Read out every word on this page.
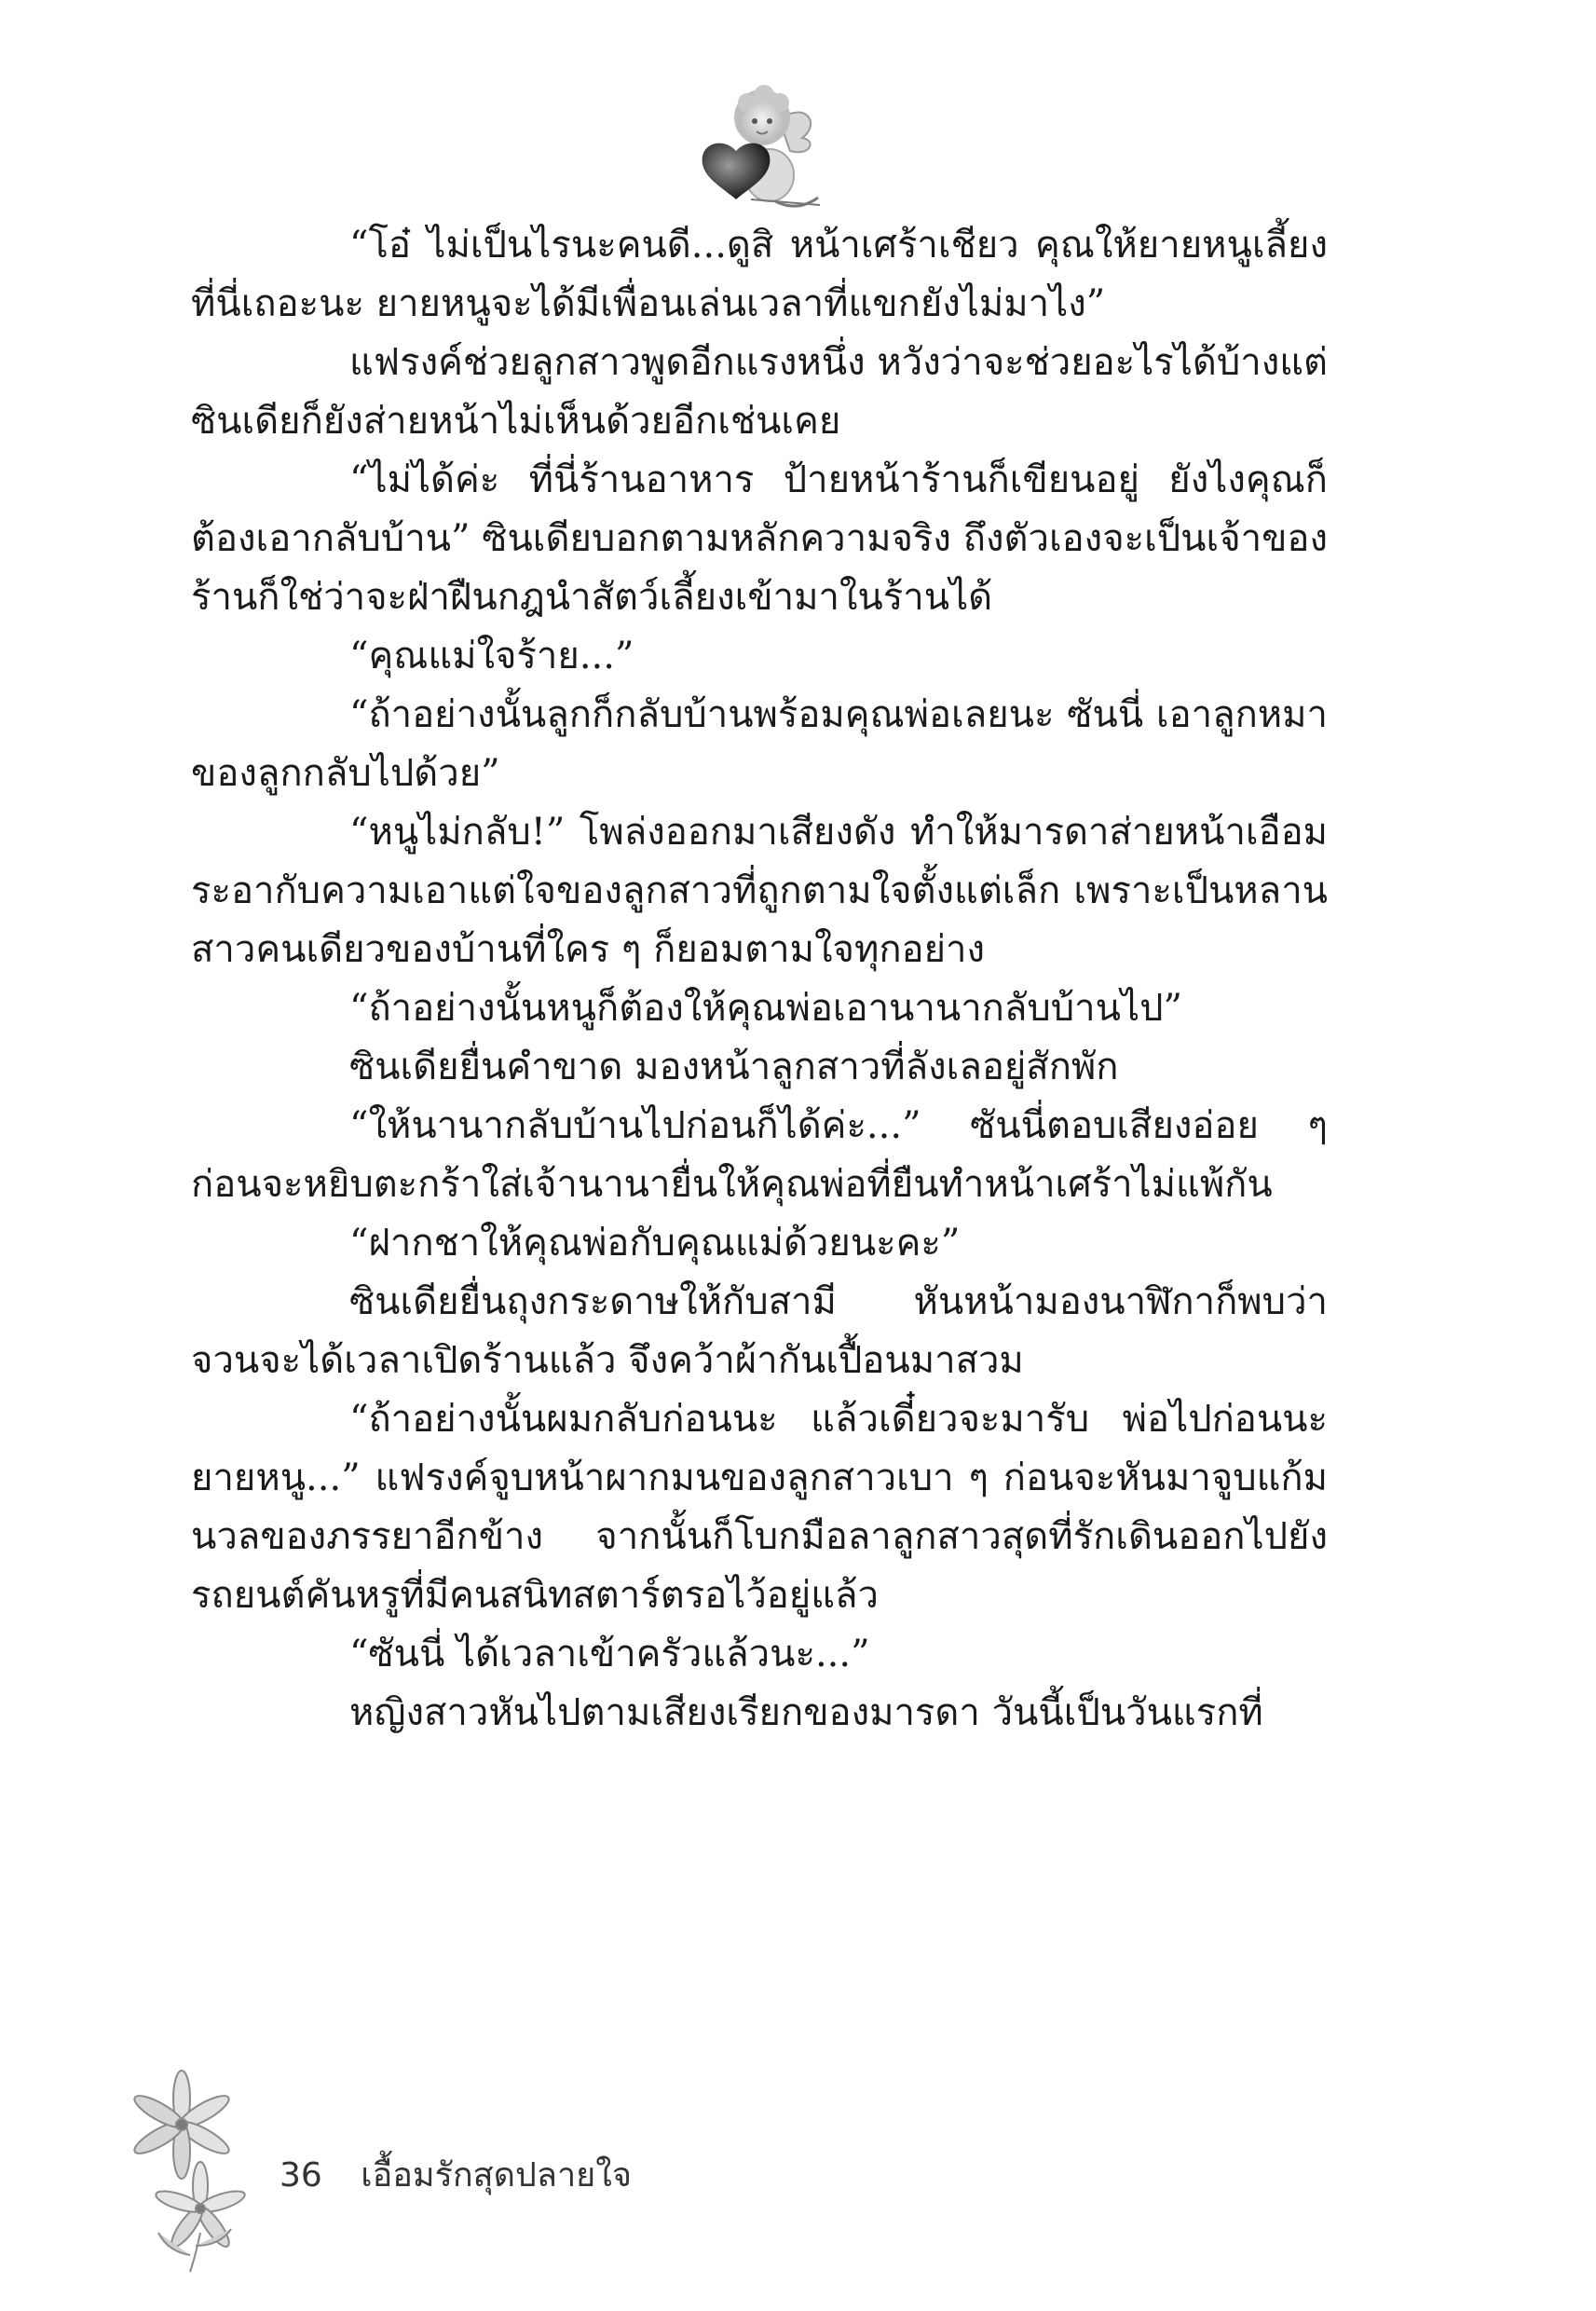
“โอ๋ ไม่เป็นไรนะคนดี...ดูสิ หน้าเศร้าเชียว คุณให้ยายหนูเลี้ยงที่นี่เถอะนะ ยายหนูจะได้มีเพื่อนเล่นเวลาที่แขกยังไม่มาไง”

แฟรงค์ช่วยลูกสาวพูดอีกแรงหนึ่ง หวังว่าจะช่วยอะไรได้บ้างแต่ซินเดียก็ยังส่ายหน้าไม่เห็นด้วยอีกเช่นเคย

“ไม่ได้ค่ะ ที่นี่ร้านอาหาร ป้ายหน้าร้านก็เขียนอยู่ ยังไงคุณก็ต้องเอากลับบ้าน” ซินเดียบอกตามหลักความจริง ถึงตัวเองจะเป็นเจ้าของร้านก็ใช่ว่าจะฝ่าฝืนกฎนำสัตว์เลี้ยงเข้ามาในร้านได้

“คุณแม่ใจร้าย...”

“ถ้าอย่างนั้นลูกก็กลับบ้านพร้อมคุณพ่อเลยนะ ซันนี่ เอาลูกหมาของลูกกลับไปด้วย”

“หนูไม่กลับ!” โพล่งออกมาเสียงดัง ทำให้มารดาส่ายหน้าเอือมระอากับความเอาแต่ใจของลูกสาวที่ถูกตามใจตั้งแต่เล็ก เพราะเป็นหลานสาวคนเดียวของบ้านที่ใคร ๆ ก็ยอมตามใจทุกอย่าง

“ถ้าอย่างนั้นหนูก็ต้องให้คุณพ่อเอานานากลับบ้านไป”

ซินเดียยื่นคำขาด มองหน้าลูกสาวที่ลังเลอยู่สักพัก

“ให้นานากลับบ้านไปก่อนก็ได้ค่ะ...” ซันนี่ตอบเสียงอ่อย ๆ ก่อนจะหยิบตะกร้าใส่เจ้านานายื่นให้คุณพ่อที่ยืนทำหน้าเศร้าไม่แพ้กัน

“ฝากชาให้คุณพ่อกับคุณแม่ด้วยนะคะ”

ซินเดียยื่นถุงกระดาษให้กับสามี หันหน้ามองนาฬิกาก็พบว่าจวนจะได้เวลาเปิดร้านแล้ว จึงคว้าผ้ากันเปื้อนมาสวม

“ถ้าอย่างนั้นผมกลับก่อนนะ แล้วเดี๋ยวจะมารับ พ่อไปก่อนนะยายหนู...” แฟรงค์จูบหน้าผากมนของลูกสาวเบา ๆ ก่อนจะหันมาจูบแก้มนวลของภรรยาอีกข้าง จากนั้นก็โบกมือลาลูกสาวสุดที่รักเดินออกไปยังรถยนต์คันหรูที่มีคนสนิทสตาร์ตรอไว้อยู่แล้ว

“ซันนี่ ได้เวลาเข้าครัวแล้วนะ...”

หญิงสาวหันไปตามเสียงเรียกของมารดา วันนี้เป็นวันแรกที่

36 เอื้อมรักสุดปลายใจ
